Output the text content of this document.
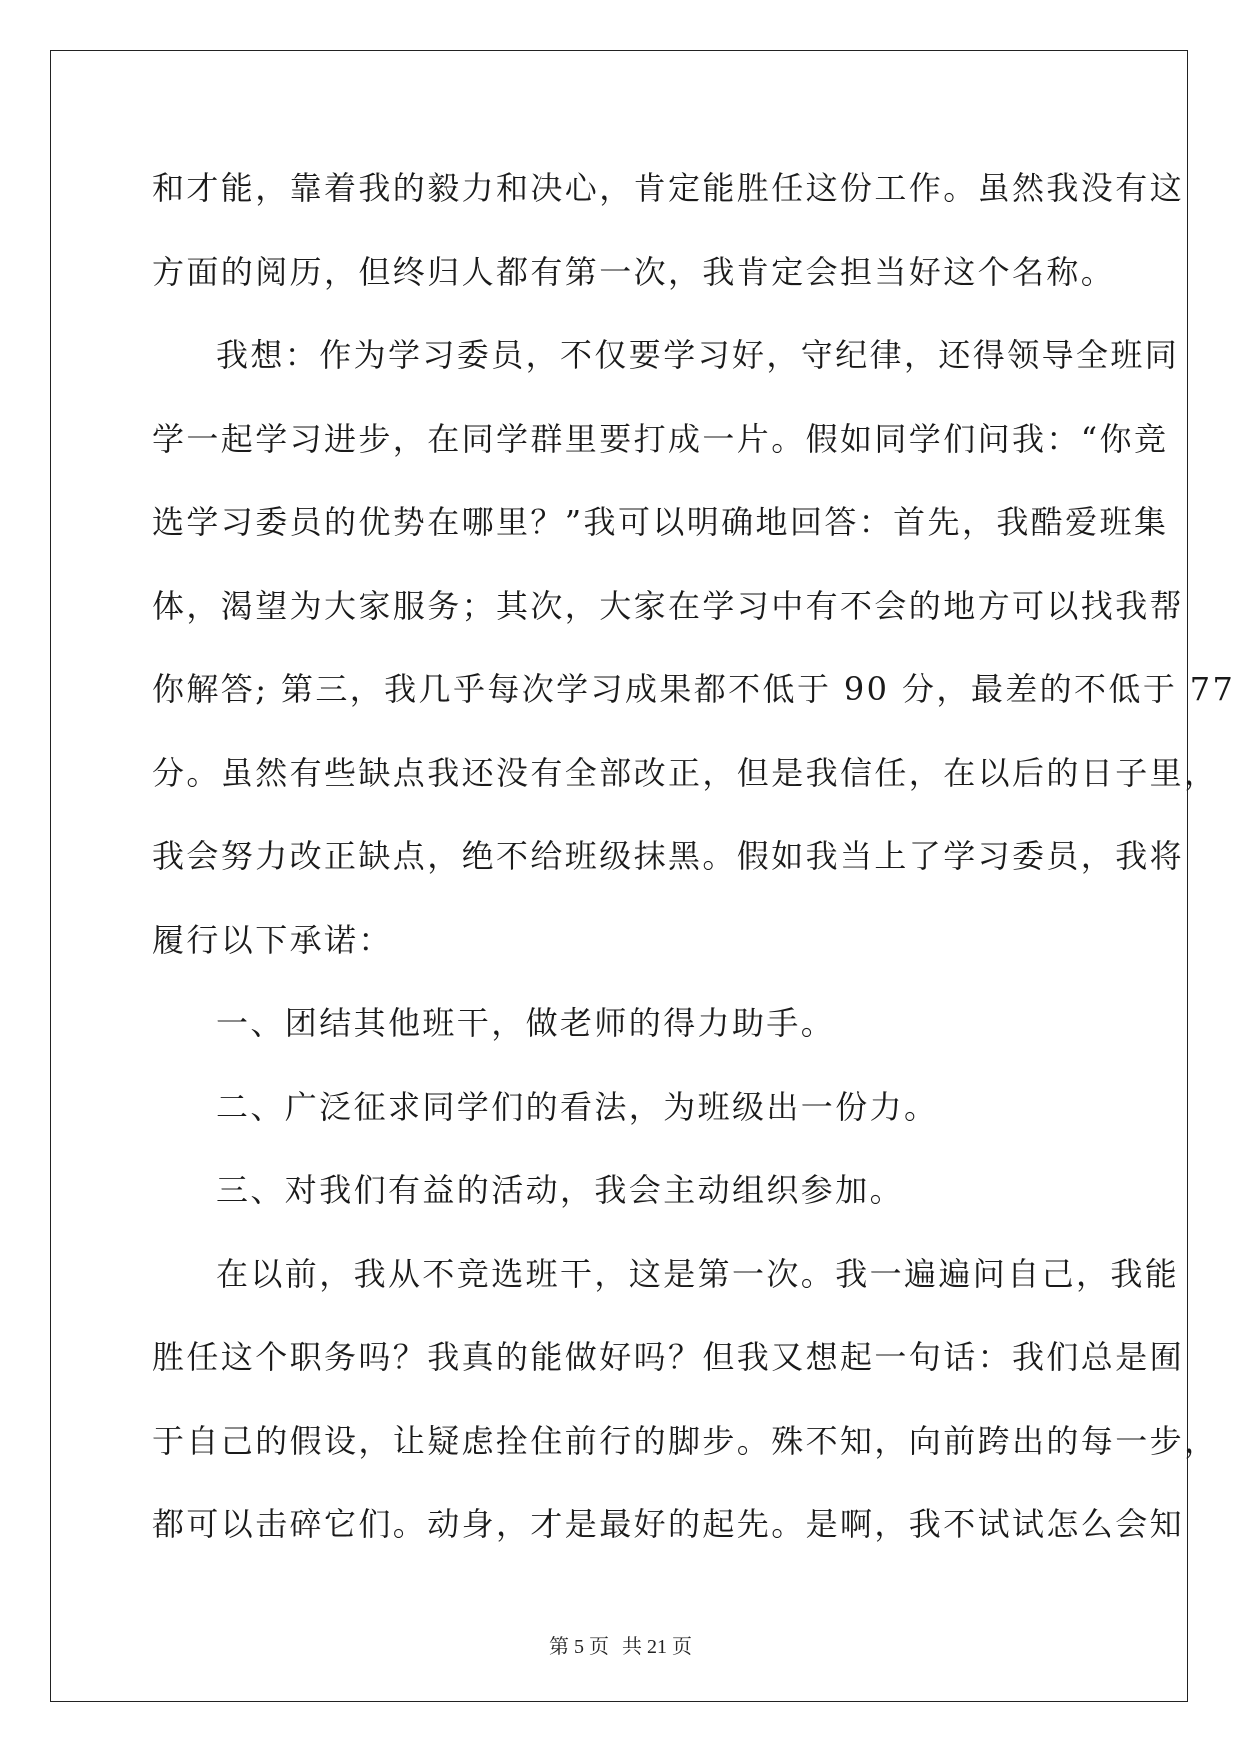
和才能，靠着我的毅力和决心，肯定能胜任这份工作。虽然我没有这
方面的阅历，但终归人都有第一次，我肯定会担当好这个名称。
我想：作为学习委员，不仅要学习好，守纪律，还得领导全班同
学一起学习进步，在同学群里要打成一片。假如同学们问我：“你竞
选学习委员的优势在哪里？”我可以明确地回答：首先，我酷爱班集
体，渴望为大家服务；其次，大家在学习中有不会的地方可以找我帮
你解答; 第三，我几乎每次学习成果都不低于 90 分，最差的不低于 77
分。虽然有些缺点我还没有全部改正，但是我信任，在以后的日子里，
我会努力改正缺点，绝不给班级抹黑。假如我当上了学习委员，我将
履行以下承诺：
一、团结其他班干，做老师的得力助手。
二、广泛征求同学们的看法，为班级出一份力。
三、对我们有益的活动，我会主动组织参加。
在以前，我从不竞选班干，这是第一次。我一遍遍问自己，我能
胜任这个职务吗？我真的能做好吗？但我又想起一句话：我们总是囿
于自己的假设，让疑虑拴住前行的脚步。殊不知，向前跨出的每一步，
都可以击碎它们。动身，才是最好的起先。是啊，我不试试怎么会知
第 5 页 共 21 页
